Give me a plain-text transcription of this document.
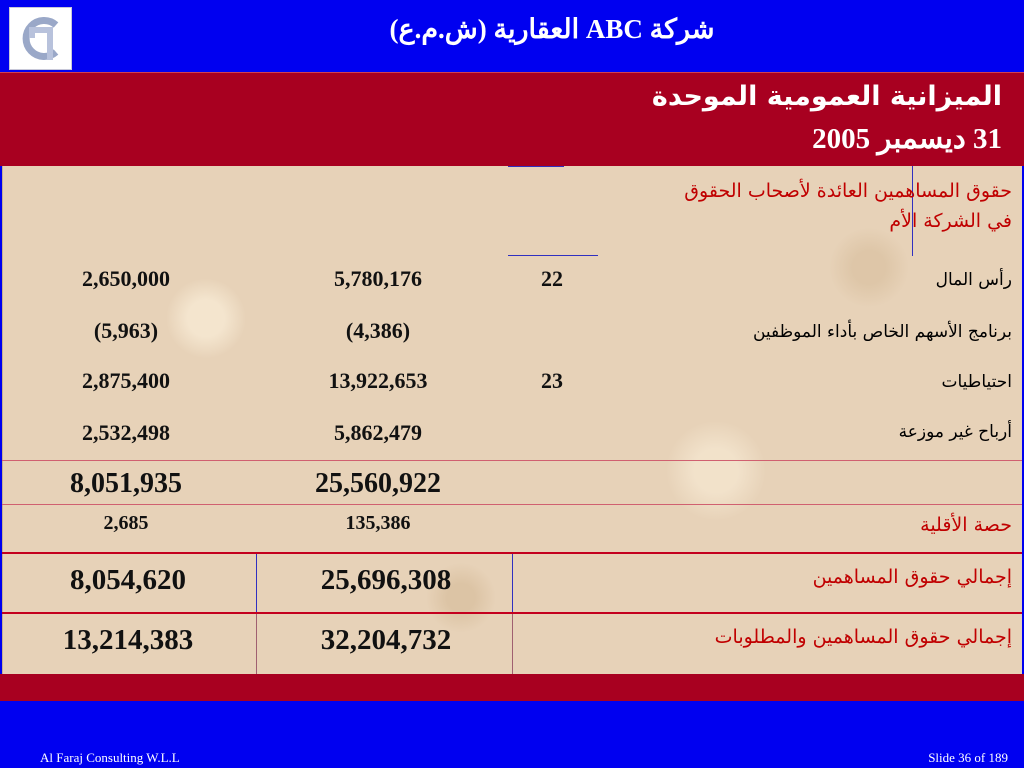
شركة ABC العقارية (ش.م.ع)
الميزانية العمومية الموحدة
31 ديسمبر 2005
حقوق المساهمين العائدة لأصحاب الحقوق
في الشركة الأم
رأس المال
22
5,780,176
2,650,000
برنامج الأسهم الخاص بأداء الموظفين
(4,386)
(5,963)
احتياطيات
23
13,922,653
2,875,400
أرباح غير موزعة
5,862,479
2,532,498
25,560,922
8,051,935
حصة الأقلية
135,386
2,685
إجمالي حقوق المساهمين
25,696,308
8,054,620
إجمالي حقوق المساهمين والمطلوبات
32,204,732
13,214,383
Al Faraj Consulting W.L.L	Slide 36 of 189
